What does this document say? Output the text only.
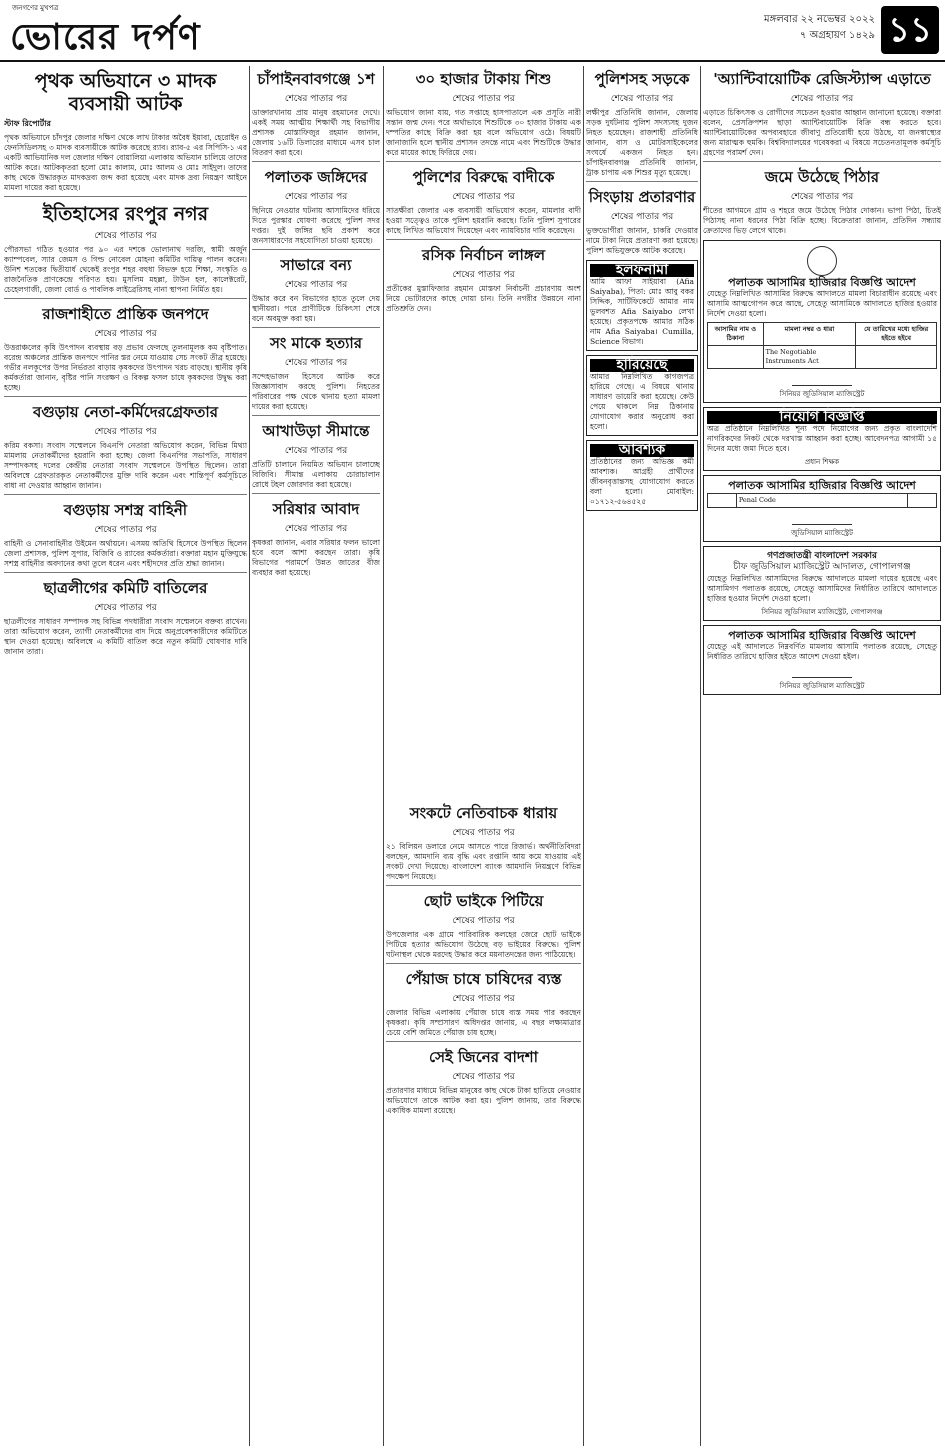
জনগণের মুখপত্র
ভোরের দর্পণ	মঙ্গলবার ২২ নভেম্বর ২০২২
৭ অগ্রহায়ণ ১৪২৯ ১১
পৃথক অভিযানে ৩ মাদক ব্যবসায়ী আটক
স্টাফ রিপোর্টার
পৃথক অভিযানে চাঁদপুর জেলার দক্ষিণ থেকে লাখ টাকার অবৈধ ইয়াবা, হেরোইন ও ফেনসিডিলসহ ৩ মাদক ব্যবসায়ীকে আটক করেছে র‍্যাব। র‍্যাব-৫ এর সিপিসি-১ এর একটি আভিযানিক দল জেলার দক্ষিণ বোয়ালিয়া এলাকায় অভিযান চালিয়ে তাদের আটক করে। আটককৃতরা হলো মোঃ কালাম, মোঃ আলম ও মোঃ সাইদুল। তাদের কাছ থেকে উদ্ধারকৃত মাদকদ্রব্য জব্দ করা হয়েছে এবং মাদক দ্রব্য নিয়ন্ত্রণ আইনে মামলা দায়ের করা হয়েছে।
ইতিহাসের রংপুর নগর
শেষের পাতার পর
পৌরসভা গঠিত হওয়ার পর ৯০ এর দশকে ভোলানাথ দরজি, স্বামী অর্জুন ক্যাম্পবেল, স্যার জেমস ও গিল্ড নোবেল মোহনা কমিটির দায়িত্ব পালন করেন। উনিশ শতকের দ্বিতীয়ার্ধ থেকেই রংপুর শহর বহুধা বিভক্ত হয়ে শিক্ষা, সংস্কৃতি ও রাজনৈতিক প্রাণকেন্দ্রে পরিণত হয়। মুসলিম মহল্লা, টাউন হল, কালেক্টরেট, চেহেলগাজী, জেলা বোর্ড ও পাবলিক লাইব্রেরিসহ নানা স্থাপনা নির্মিত হয়।
রাজশাহীতে প্রান্তিক জনপদে
শেষের পাতার পর
উত্তরাঞ্চলের কৃষি উৎপাদন ব্যবস্থায় বড় প্রভাব ফেলছে তুলনামূলক কম বৃষ্টিপাত। বরেন্দ্র অঞ্চলের প্রান্তিক জনপদে পানির স্তর নেমে যাওয়ায় সেচ সংকট তীব্র হয়েছে। গভীর নলকূপের উপর নির্ভরতা বাড়ায় কৃষকদের উৎপাদন খরচ বাড়ছে। স্থানীয় কৃষি কর্মকর্তারা জানান, বৃষ্টির পানি সংরক্ষণ ও বিকল্প ফসল চাষে কৃষকদের উদ্বুদ্ধ করা হচ্ছে।
বগুড়ায় নেতা-কর্মিদেরগ্রেফতার
শেষের পাতার পর
করিম বকসা। সংবাদ সম্মেলনে বিএনপি নেতারা অভিযোগ করেন, বিভিন্ন মিথ্যা মামলায় নেতাকর্মীদের হয়রানি করা হচ্ছে। জেলা বিএনপির সভাপতি, সাধারণ সম্পাদকসহ দলের কেন্দ্রীয় নেতারা সংবাদ সম্মেলনে উপস্থিত ছিলেন। তারা অবিলম্বে গ্রেফতারকৃত নেতাকর্মীদের মুক্তি দাবি করেন এবং শান্তিপূর্ণ কর্মসূচিতে বাধা না দেওয়ার আহ্বান জানান।
বগুড়ায় সশস্ত্র বাহিনী
শেষের পাতার পর
বাহিনী ও সেনাবাহিনীর উইমেন অর্থায়নে। এসময় অতিথি হিসেবে উপস্থিত ছিলেন জেলা প্রশাসক, পুলিশ সুপার, বিজিবি ও র‍্যাবের কর্মকর্তারা। বক্তারা মহান মুক্তিযুদ্ধে সশস্ত্র বাহিনীর অবদানের কথা তুলে ধরেন এবং শহীদদের প্রতি শ্রদ্ধা জানান।
ছাত্রলীগের কমিটি বাতিলের
শেষের পাতার পর
ছাত্রলীগের সাধারণ সম্পাদক সহ বিভিন্ন পদধারীরা সংবাদ সম্মেলনে বক্তব্য রাখেন। তারা অভিযোগ করেন, ত্যাগী নেতাকর্মীদের বাদ দিয়ে অনুপ্রবেশকারীদের কমিটিতে স্থান দেওয়া হয়েছে। অবিলম্বে এ কমিটি বাতিল করে নতুন কমিটি ঘোষণার দাবি জানান তারা।
চাঁপাইনবাবগঞ্জে ১শ
শেষের পাতার পর
ডাক্তারখানায় প্রায় মানুষ রহমানের দেখে। একই সময় আত্মীয় শিক্ষার্থী সহ বিভাগীয় প্রশাসক মোস্তাফিজুর রহমান জানান, জেলায় ১৬টি ডিলারের মাধ্যমে এসব চাল বিতরণ করা হবে।
পলাতক জঙ্গিদের
শেষের পাতার পর
ছিনিয়ে নেওয়ার ঘটনায় আসামিদের ধরিয়ে দিতে পুরস্কার ঘোষণা করেছে পুলিশ সদর দপ্তর। দুই জঙ্গির ছবি প্রকাশ করে জনসাধারণের সহযোগিতা চাওয়া হয়েছে।
সাভারে বন্য
শেষের পাতার পর
উদ্ধার করে বন বিভাগের হাতে তুলে দেয় স্থানীয়রা। পরে প্রাণীটিকে চিকিৎসা শেষে বনে অবমুক্ত করা হয়।
সং মাকে হত্যার
শেষের পাতার পর
সন্দেহভাজন হিসেবে আটক করে জিজ্ঞাসাবাদ করছে পুলিশ। নিহতের পরিবারের পক্ষ থেকে থানায় হত্যা মামলা দায়ের করা হয়েছে।
আখাউড়া সীমান্তে
শেষের পাতার পর
প্রতিটি চালানে নিয়মিত অভিযান চালাচ্ছে বিজিবি। সীমান্ত এলাকায় চোরাচালান রোধে টহল জোরদার করা হয়েছে।
সরিষার আবাদ
শেষের পাতার পর
কৃষকরা জানান, এবার সরিষার ফলন ভালো হবে বলে আশা করছেন তারা। কৃষি বিভাগের পরামর্শে উন্নত জাতের বীজ ব্যবহার করা হয়েছে।
৩০ হাজার টাকায় শিশু
শেষের পাতার পর
অভিযোগ জানা যায়, গত সপ্তাহে হাসপাতালে এক প্রসূতি নারী সন্তান জন্ম দেন। পরে অর্থাভাবে শিশুটিকে ৩০ হাজার টাকায় এক দম্পতির কাছে বিক্রি করা হয় বলে অভিযোগ ওঠে। বিষয়টি জানাজানি হলে স্থানীয় প্রশাসন তদন্তে নামে এবং শিশুটিকে উদ্ধার করে মায়ের কাছে ফিরিয়ে দেয়।
পুলিশের বিরুদ্ধে বাদীকে
শেষের পাতার পর
সাতক্ষীরা জেলার এক ব্যবসায়ী অভিযোগ করেন, মামলার বাদী হওয়া সত্ত্বেও তাকে পুলিশ হয়রানি করছে। তিনি পুলিশ সুপারের কাছে লিখিত অভিযোগ দিয়েছেন এবং ন্যায়বিচার দাবি করেছেন।
রসিক নির্বাচন লাঙ্গল
শেষের পাতার পর
প্রতীকের মুস্তাফিজার রহমান মোস্তফা নির্বাচনী প্রচারণায় অংশ নিয়ে ভোটারদের কাছে দোয়া চান। তিনি নগরীর উন্নয়নে নানা প্রতিশ্রুতি দেন।
সংকটে নেতিবাচক ধারায়
শেষের পাতার পর
২১ বিলিয়ন ডলারে নেমে আসতে পারে রিজার্ভ। অর্থনীতিবিদরা বলছেন, আমদানি ব্যয় বৃদ্ধি এবং রপ্তানি আয় কমে যাওয়ায় এই সংকট দেখা দিয়েছে। বাংলাদেশ ব্যাংক আমদানি নিয়ন্ত্রণে বিভিন্ন পদক্ষেপ নিয়েছে।
ছোট ভাইকে পিটিয়ে
শেষের পাতার পর
উপজেলার এক গ্রামে পারিবারিক কলহের জেরে ছোট ভাইকে পিটিয়ে হত্যার অভিযোগ উঠেছে বড় ভাইয়ের বিরুদ্ধে। পুলিশ ঘটনাস্থল থেকে মরদেহ উদ্ধার করে ময়নাতদন্তের জন্য পাঠিয়েছে।
পেঁয়াজ চাষে চাষিদের ব্যস্ত
শেষের পাতার পর
জেলার বিভিন্ন এলাকায় পেঁয়াজ চাষে ব্যস্ত সময় পার করছেন কৃষকরা। কৃষি সম্প্রসারণ অধিদপ্তর জানায়, এ বছর লক্ষ্যমাত্রার চেয়ে বেশি জমিতে পেঁয়াজ চাষ হচ্ছে।
সেই জিনের বাদশা
শেষের পাতার পর
প্রতারণার মাধ্যমে বিভিন্ন মানুষের কাছ থেকে টাকা হাতিয়ে নেওয়ার অভিযোগে তাকে আটক করা হয়। পুলিশ জানায়, তার বিরুদ্ধে একাধিক মামলা রয়েছে।
পুলিশসহ সড়কে
শেষের পাতার পর
লক্ষীপুর প্রতিনিধি জানান, জেলায় সড়ক দুর্ঘটনায় পুলিশ সদস্যসহ দুজন নিহত হয়েছেন। রাজশাহী প্রতিনিধি জানান, বাস ও মোটরসাইকেলের সংঘর্ষে একজন নিহত হন। চাঁপাইনবাবগঞ্জ প্রতিনিধি জানান, ট্রাক চাপায় এক শিশুর মৃত্যু হয়েছে।
সিংড়ায় প্রতারণার
শেষের পাতার পর
ভুক্তভোগীরা জানান, চাকরি দেওয়ার নামে টাকা নিয়ে প্রতারণা করা হয়েছে। পুলিশ অভিযুক্তকে আটক করেছে।
হলফনামা
আমি আফা সাইয়াবা (Afia Saiyaba), পিতা: মোঃ আবু বকর সিদ্দিক, সার্টিফিকেটে আমার নাম ভুলবশত Afia Saiyabo লেখা হয়েছে। প্রকৃতপক্ষে আমার সঠিক নাম Afia Saiyaba। Cumilla, Science বিভাগ।
হারিয়েছে
আমার নিম্নলিখিত কাগজপত্র হারিয়ে গেছে। এ বিষয়ে থানায় সাধারণ ডায়েরি করা হয়েছে। কেউ পেয়ে থাকলে নিম্ন ঠিকানায় যোগাযোগ করার অনুরোধ করা হলো।
আবশ্যক
প্রতিষ্ঠানের জন্য অভিজ্ঞ কর্মী আবশ্যক। আগ্রহী প্রার্থীদের জীবনবৃত্তান্তসহ যোগাযোগ করতে বলা হলো। মোবাইল: ০১৭১২-৫৬৪৫২৫
'অ্যান্টিবায়োটিক রেজিস্ট্যান্স এড়াতে
শেষের পাতার পর
এড়াতে চিকিৎসক ও রোগীদের সচেতন হওয়ার আহ্বান জানানো হয়েছে। বক্তারা বলেন, প্রেসক্রিপশন ছাড়া অ্যান্টিবায়োটিক বিক্রি বন্ধ করতে হবে। অ্যান্টিবায়োটিকের অপব্যবহারে জীবাণু প্রতিরোধী হয়ে উঠছে, যা জনস্বাস্থ্যের জন্য মারাত্মক হুমকি। বিশ্ববিদ্যালয়ের গবেষকরা এ বিষয়ে সচেতনতামূলক কর্মসূচি গ্রহণের পরামর্শ দেন।
জমে উঠেছে পিঠার
শেষের পাতার পর
শীতের আগমনে গ্রাম ও শহরে জমে উঠেছে পিঠার দোকান। ভাপা পিঠা, চিতই পিঠাসহ নানা ধরনের পিঠা বিক্রি হচ্ছে। বিক্রেতারা জানান, প্রতিদিন সন্ধ্যায় ক্রেতাদের ভিড় লেগে থাকে।
পলাতক আসামির হাজিরার বিজ্ঞপ্তি আদেশ
যেহেতু নিম্নলিখিত আসামির বিরুদ্ধে আদালতে মামলা বিচারাধীন রয়েছে এবং আসামি আত্মগোপন করে আছে, সেহেতু আসামিকে আদালতে হাজির হওয়ার নির্দেশ দেওয়া হলো।
আসামির নাম ও ঠিকানা	মামলা নম্বর ও ধারা	যে তারিখের মধ্যে হাজির হইতে হইবে
	The Negotiable Instruments Act	
সিনিয়র জুডিসিয়াল ম্যাজিস্ট্রেট
নিয়োগ বিজ্ঞপ্তি
অত্র প্রতিষ্ঠানে নিম্নলিখিত শূন্য পদে নিয়োগের জন্য প্রকৃত বাংলাদেশি নাগরিকদের নিকট থেকে দরখাস্ত আহ্বান করা হচ্ছে। আবেদনপত্র আগামী ১৫ দিনের মধ্যে জমা দিতে হবে।
প্রধান শিক্ষক
পলাতক আসামির হাজিরার বিজ্ঞপ্তি আদেশ
	Penal Code	
জুডিসিয়াল ম্যাজিস্ট্রেট
গণপ্রজাতন্ত্রী বাংলাদেশ সরকার
চীফ জুডিসিয়াল ম্যাজিস্ট্রেট আদালত, গোপালগঞ্জ
যেহেতু নিম্নলিখিত আসামিদের বিরুদ্ধে আদালতে মামলা দায়ের হয়েছে এবং আসামিগণ পলাতক রয়েছে, সেহেতু আসামিদের নির্ধারিত তারিখে আদালতে হাজির হওয়ার নির্দেশ দেওয়া হলো।
সিনিয়র জুডিসিয়াল ম্যাজিস্ট্রেট, গোপালগঞ্জ
পলাতক আসামির হাজিরার বিজ্ঞপ্তি আদেশ
যেহেতু এই আদালতে নিম্নবর্ণিত মামলায় আসামি পলাতক রয়েছে, সেহেতু নির্ধারিত তারিখে হাজির হইতে আদেশ দেওয়া হইল।
সিনিয়র জুডিসিয়াল ম্যাজিস্ট্রেট
